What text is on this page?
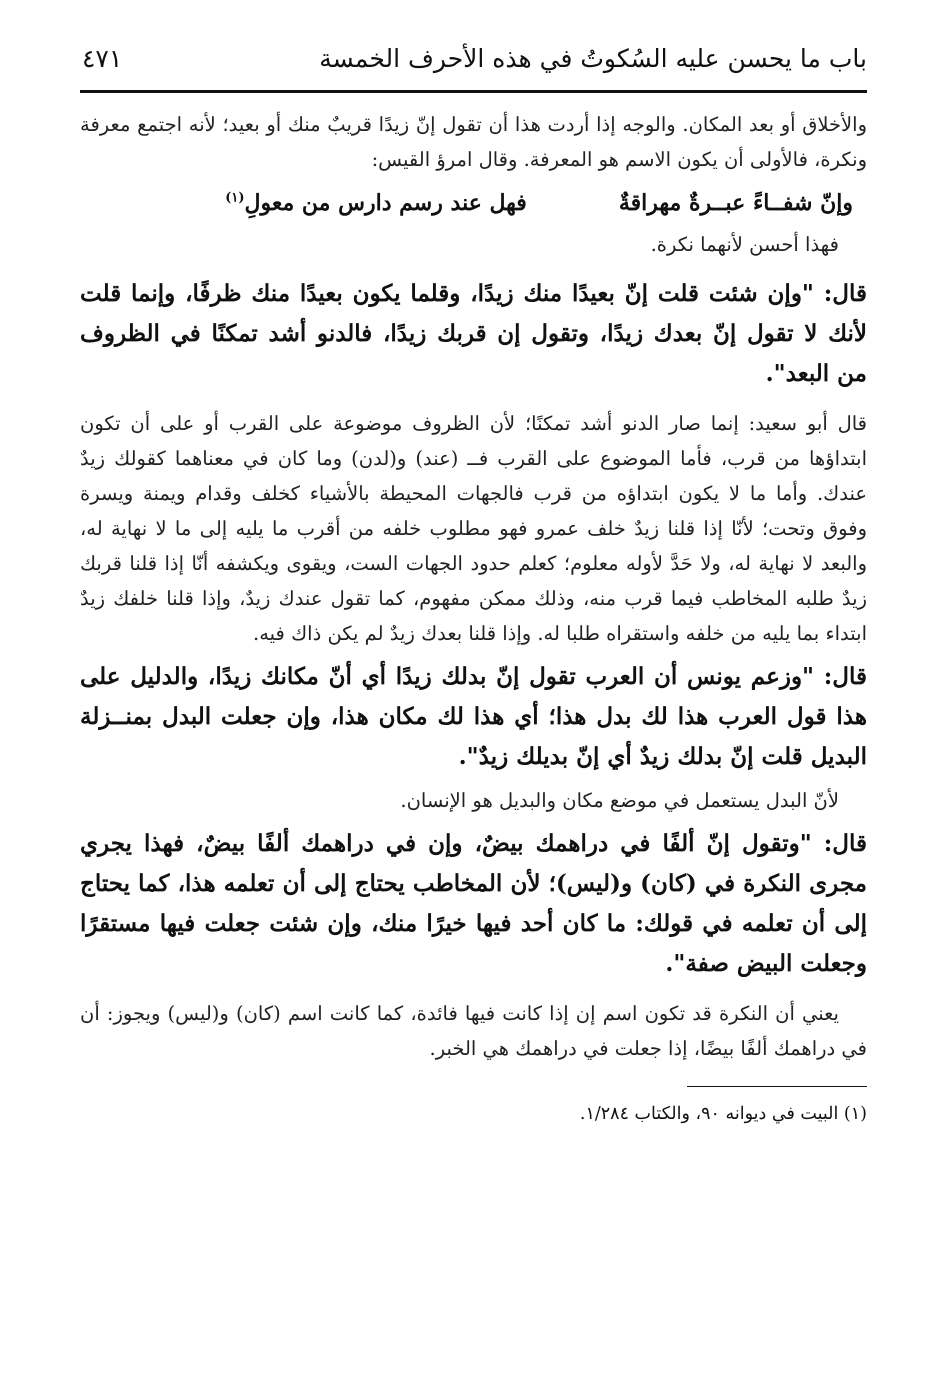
باب ما يحسن عليه السُكوتُ في هذه الأحرف الخمسة
٤٧١

والأخلاق أو بعد المكان. والوجه إذا أردت هذا أن تقول إنّ زيدًا قريبٌ منك أو بعيد؛ لأنه اجتمع معرفة ونكرة، فالأولى أن يكون الاسم هو المعرفة. وقال امرؤ القيس:

وإنّ شفــاءً عبــرةٌ مهراقةٌ
فهل عند رسم دارس من معولِ$^{(١)}$

فهذا أحسن لأنهما نكرة.

قال: "وإن شئت قلت إنّ بعيدًا منك زيدًا، وقلما يكون بعيدًا منك ظرفًا، وإنما قلت لأنك لا تقول إنّ بعدك زيدًا، وتقول إن قربك زيدًا، فالدنو أشد تمكنًا في الظروف من البعد".

قال أبو سعيد: إنما صار الدنو أشد تمكنًا؛ لأن الظروف موضوعة على القرب أو على أن تكون ابتداؤها من قرب، فأما الموضوع على القرب فــ (عند) و(لدن) وما كان في معناهما كقولك زيدٌ عندك. وأما ما لا يكون ابتداؤه من قرب فالجهات المحيطة بالأشياء كخلف وقدام ويمنة ويسرة وفوق وتحت؛ لأنّا إذا قلنا زيدٌ خلف عمرو فهو مطلوب خلفه من أقرب ما يليه إلى ما لا نهاية له، والبعد لا نهاية له، ولا حَدَّ لأوله معلوم؛ كعلم حدود الجهات الست، ويقوى ويكشفه أنّا إذا قلنا قربك زيدٌ طلبه المخاطب فيما قرب منه، وذلك ممكن مفهوم، كما تقول عندك زيدٌ، وإذا قلنا خلفك زيدٌ ابتداء بما يليه من خلفه واستقراه طلبا له. وإذا قلنا بعدك زيدٌ لم يكن ذاك فيه.

قال: "وزعم يونس أن العرب تقول إنّ بدلك زيدًا أي أنّ مكانك زيدًا، والدليل على هذا قول العرب هذا لك بدل هذا؛ أي هذا لك مكان هذا، وإن جعلت البدل بمنــزلة البديل قلت إنّ بدلك زيدٌ أي إنّ بديلك زيدٌ".

لأنّ البدل يستعمل في موضع مكان والبديل هو الإنسان.

قال: "وتقول إنّ ألفًا في دراهمك بيضٌ، وإن في دراهمك ألفًا بيضٌ، فهذا يجري مجرى النكرة في (كان) و(ليس)؛ لأن المخاطب يحتاج إلى أن تعلمه هذا، كما يحتاج إلى أن تعلمه في قولك: ما كان أحد فيها خيرًا منك، وإن شئت جعلت فيها مستقرًا وجعلت البيض صفة".

يعني أن النكرة قد تكون اسم إن إذا كانت فيها فائدة، كما كانت اسم (كان) و(ليس) ويجوز: أن في دراهمك ألفًا بيضًا، إذا جعلت في دراهمك هي الخبر.

(١) البيت في ديوانه ٩٠، والكتاب ١/٢٨٤.
